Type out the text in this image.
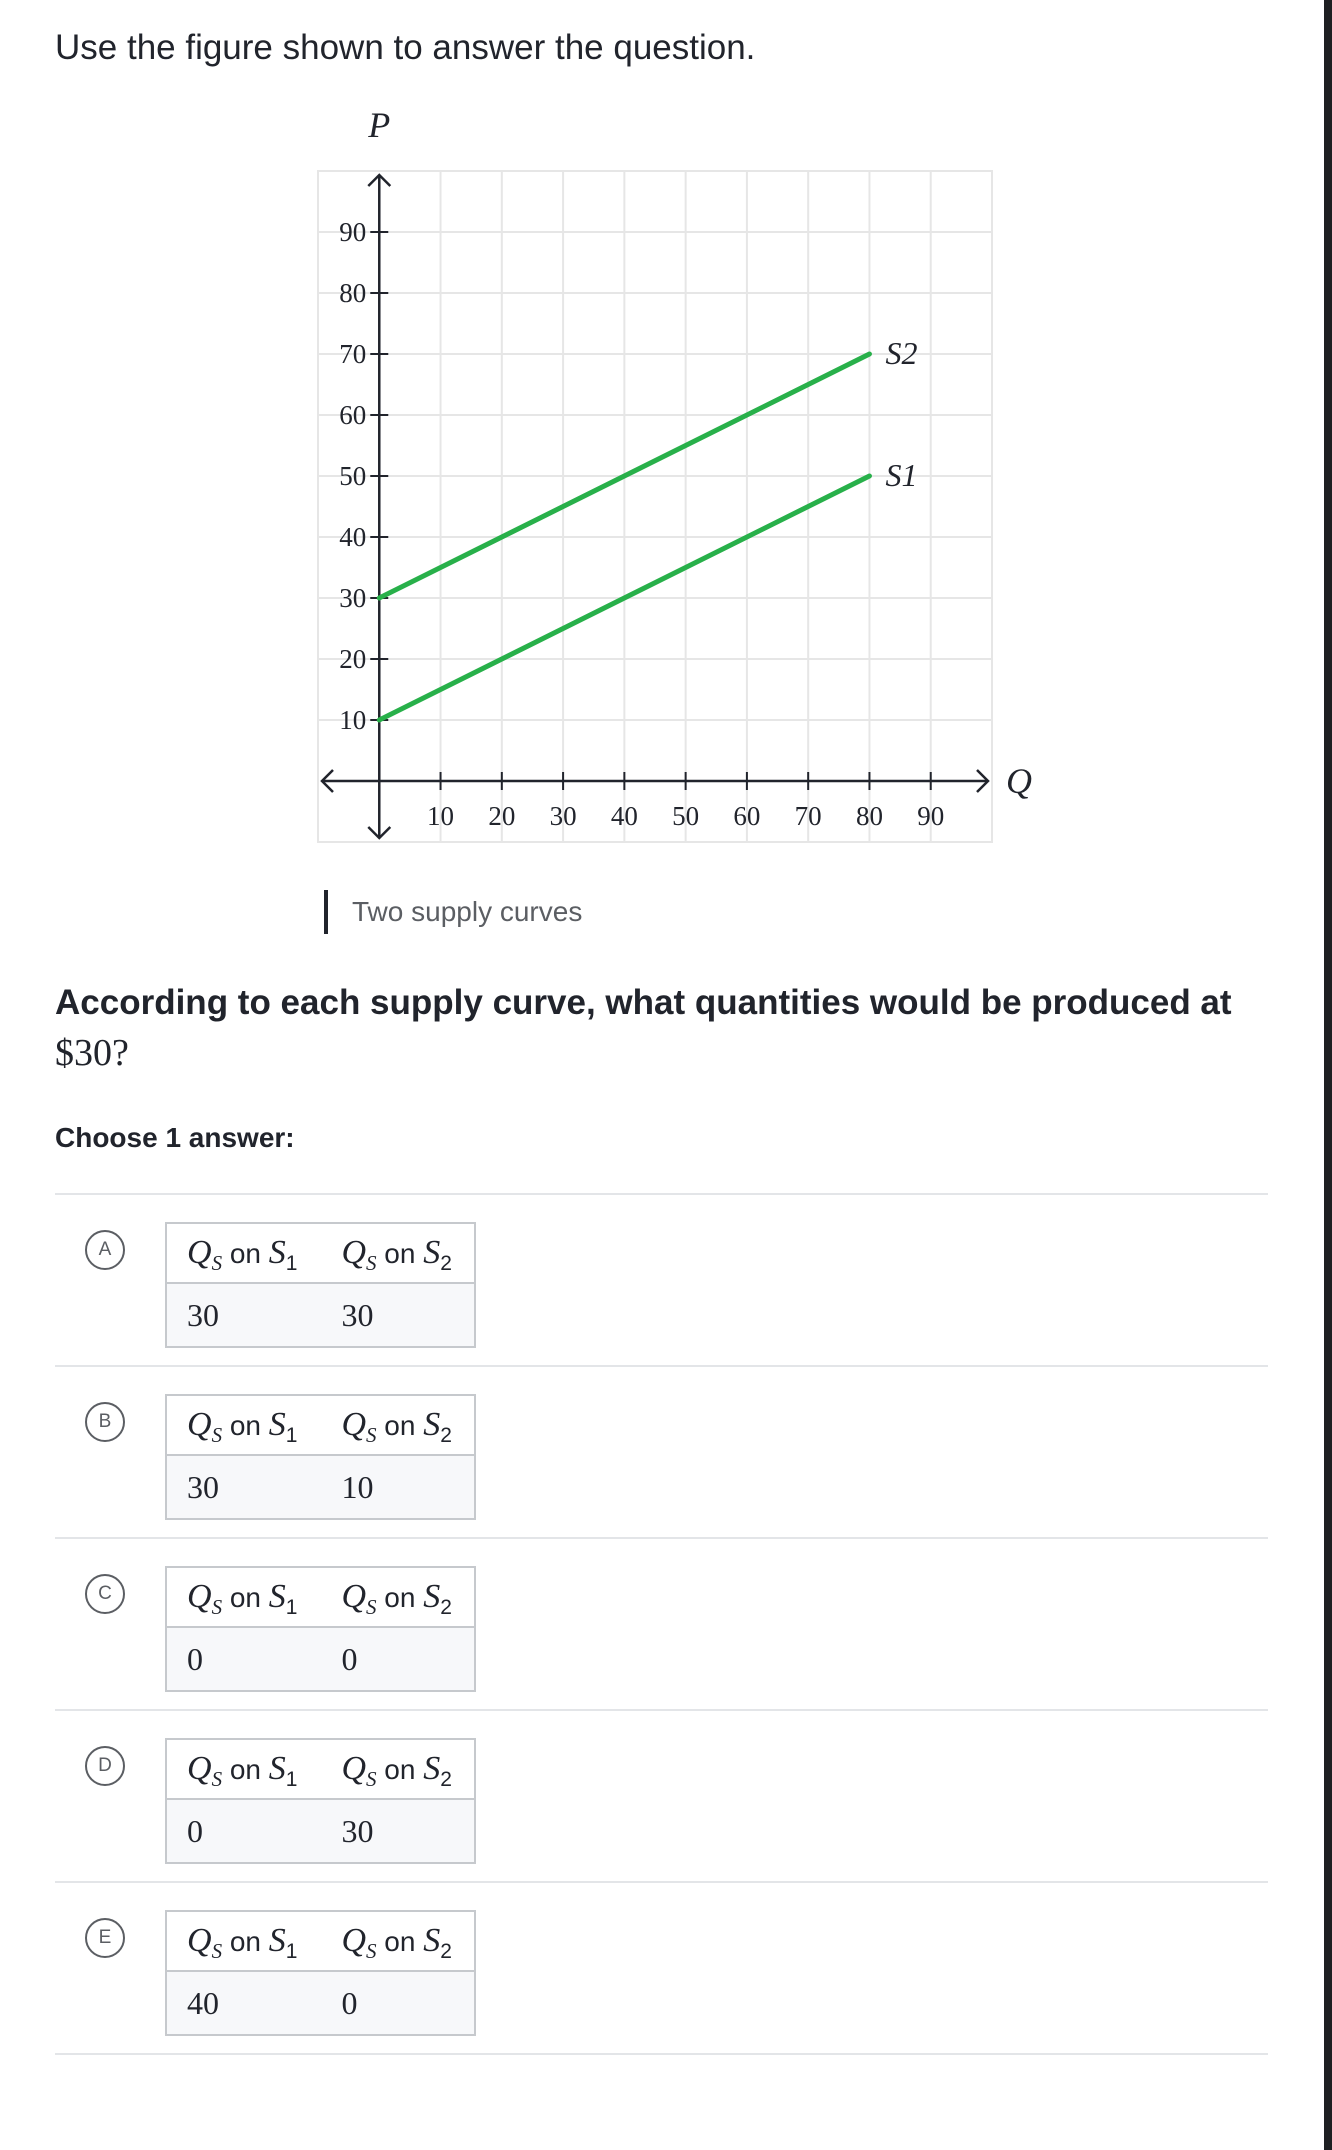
Use the figure shown to answer the question.
10 20 30 40 50 60 70 80 90
10
20
30
40
50
60
70
80
90
P
Q
S1
S2
Two supply curves
According to each supply curve, what quantities would be produced at $30?
Choose 1 answer:
A	$Q_S$ on $S_1$	$Q_S$ on $S_2$
30	30
B	$Q_S$ on $S_1$	$Q_S$ on $S_2$
30	10
C	$Q_S$ on $S_1$	$Q_S$ on $S_2$
0	0
D	$Q_S$ on $S_1$	$Q_S$ on $S_2$
0	30
E	$Q_S$ on $S_1$	$Q_S$ on $S_2$
40	0
